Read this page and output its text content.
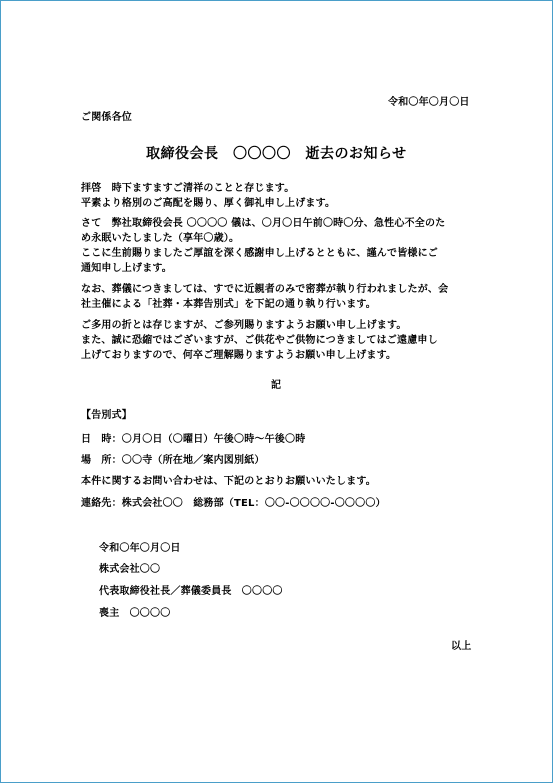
令和〇年〇月〇日
ご関係各位
取締役会長　〇〇〇〇　逝去のお知らせ
拝啓　時下ますますご清祥のことと存じます。
平素より格別のご高配を賜り、厚く御礼申し上げます。
さて　弊社取締役会長 〇〇〇〇 儀は、〇月〇日午前〇時〇分、急性心不全のた
め永眠いたしました（享年〇歳）。
ここに生前賜りましたご厚誼を深く感謝申し上げるとともに、謹んで皆様にご
通知申し上げます。
なお、葬儀につきましては、すでに近親者のみで密葬が執り行われましたが、会
社主催による「社葬・本葬告別式」を下記の通り執り行います。
ご多用の折とは存じますが、ご参列賜りますようお願い申し上げます。
また、誠に恐縮ではございますが、ご供花やご供物につきましてはご遠慮申し
上げておりますので、何卒ご理解賜りますようお願い申し上げます。
記
【告別式】
日　時：〇月〇日（〇曜日）午後〇時～午後〇時
場　所：〇〇寺（所在地／案内図別紙）
本件に関するお問い合わせは、下記のとおりお願いいたします。
連絡先：株式会社〇〇　総務部（TEL：〇〇-〇〇〇〇-〇〇〇〇）
令和〇年〇月〇日
株式会社〇〇
代表取締役社長／葬儀委員長　〇〇〇〇
喪主　〇〇〇〇
以上
